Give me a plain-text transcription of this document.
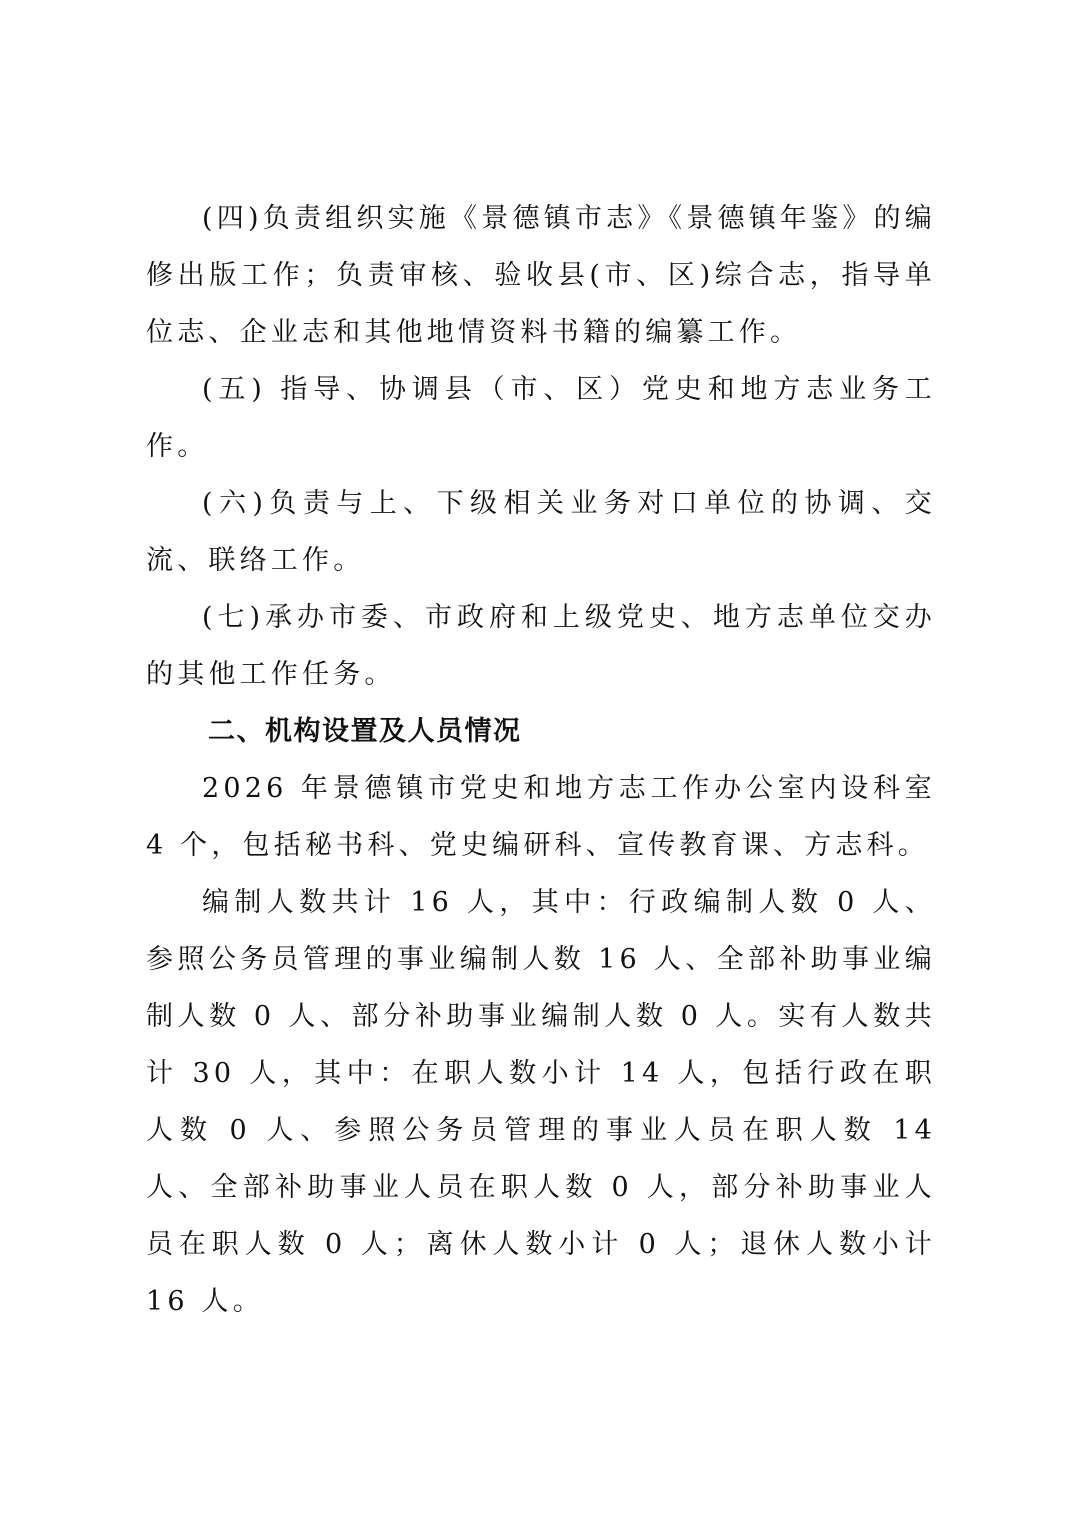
(四)负责组织实施《景德镇市志》《景德镇年鉴》的编修出版工作；负责审核、验收县(市、区)综合志，指导单位志、企业志和其他地情资料书籍的编纂工作。

(五) 指导、协调县（市、区）党史和地方志业务工作。

(六)负责与上、下级相关业务对口单位的协调、交流、联络工作。

(七)承办市委、市政府和上级党史、地方志单位交办的其他工作任务。

二、机构设置及人员情况

2026 年景德镇市党史和地方志工作办公室内设科室 4 个，包括秘书科、党史编研科、宣传教育课、方志科。

编制人数共计 16 人，其中：行政编制人数 0 人、参照公务员管理的事业编制人数 16 人、全部补助事业编制人数 0 人、部分补助事业编制人数 0 人。实有人数共计 30 人，其中：在职人数小计 14 人，包括行政在职人数 0 人、参照公务员管理的事业人员在职人数 14 人、全部补助事业人员在职人数 0 人，部分补助事业人员在职人数 0 人；离休人数小计 0 人；退休人数小计 16 人。
